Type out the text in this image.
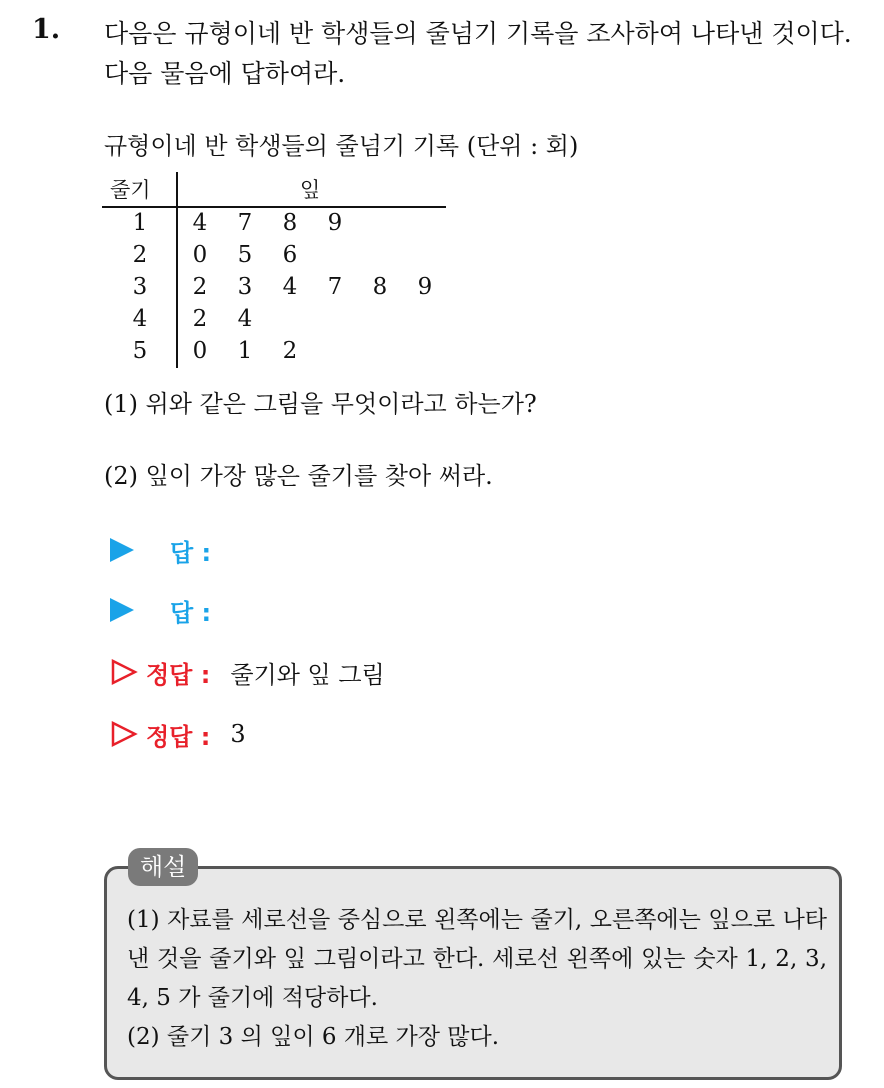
1. 다음은 규형이네 반 학생들의 줄넘기 기록을 조사하여 나타낸 것이다. 다음 물음에 답하여라.
규형이네 반 학생들의 줄넘기 기록 (단위 : 회)
줄기	잎
1 4 7 8 9
2 0 5 6
3 2 3 4 7 8 9
4 2 4
5 0 1 2
(1) 위와 같은 그림을 무엇이라고 하는가?
(2) 잎이 가장 많은 줄기를 찾아 써라.
답 :
답 :
정답 : 줄기와 잎 그림
정답 : 3
(1) 자료를 세로선을 중심으로 왼쪽에는 줄기, 오른쪽에는 잎으로 나타낸 것을 줄기와 잎 그림이라고 한다. 세로선 왼쪽에 있는 숫자 1, 2, 3, 4, 5 가 줄기에 적당하다.
(2) 줄기 3 의 잎이 6 개로 가장 많다.
해설
